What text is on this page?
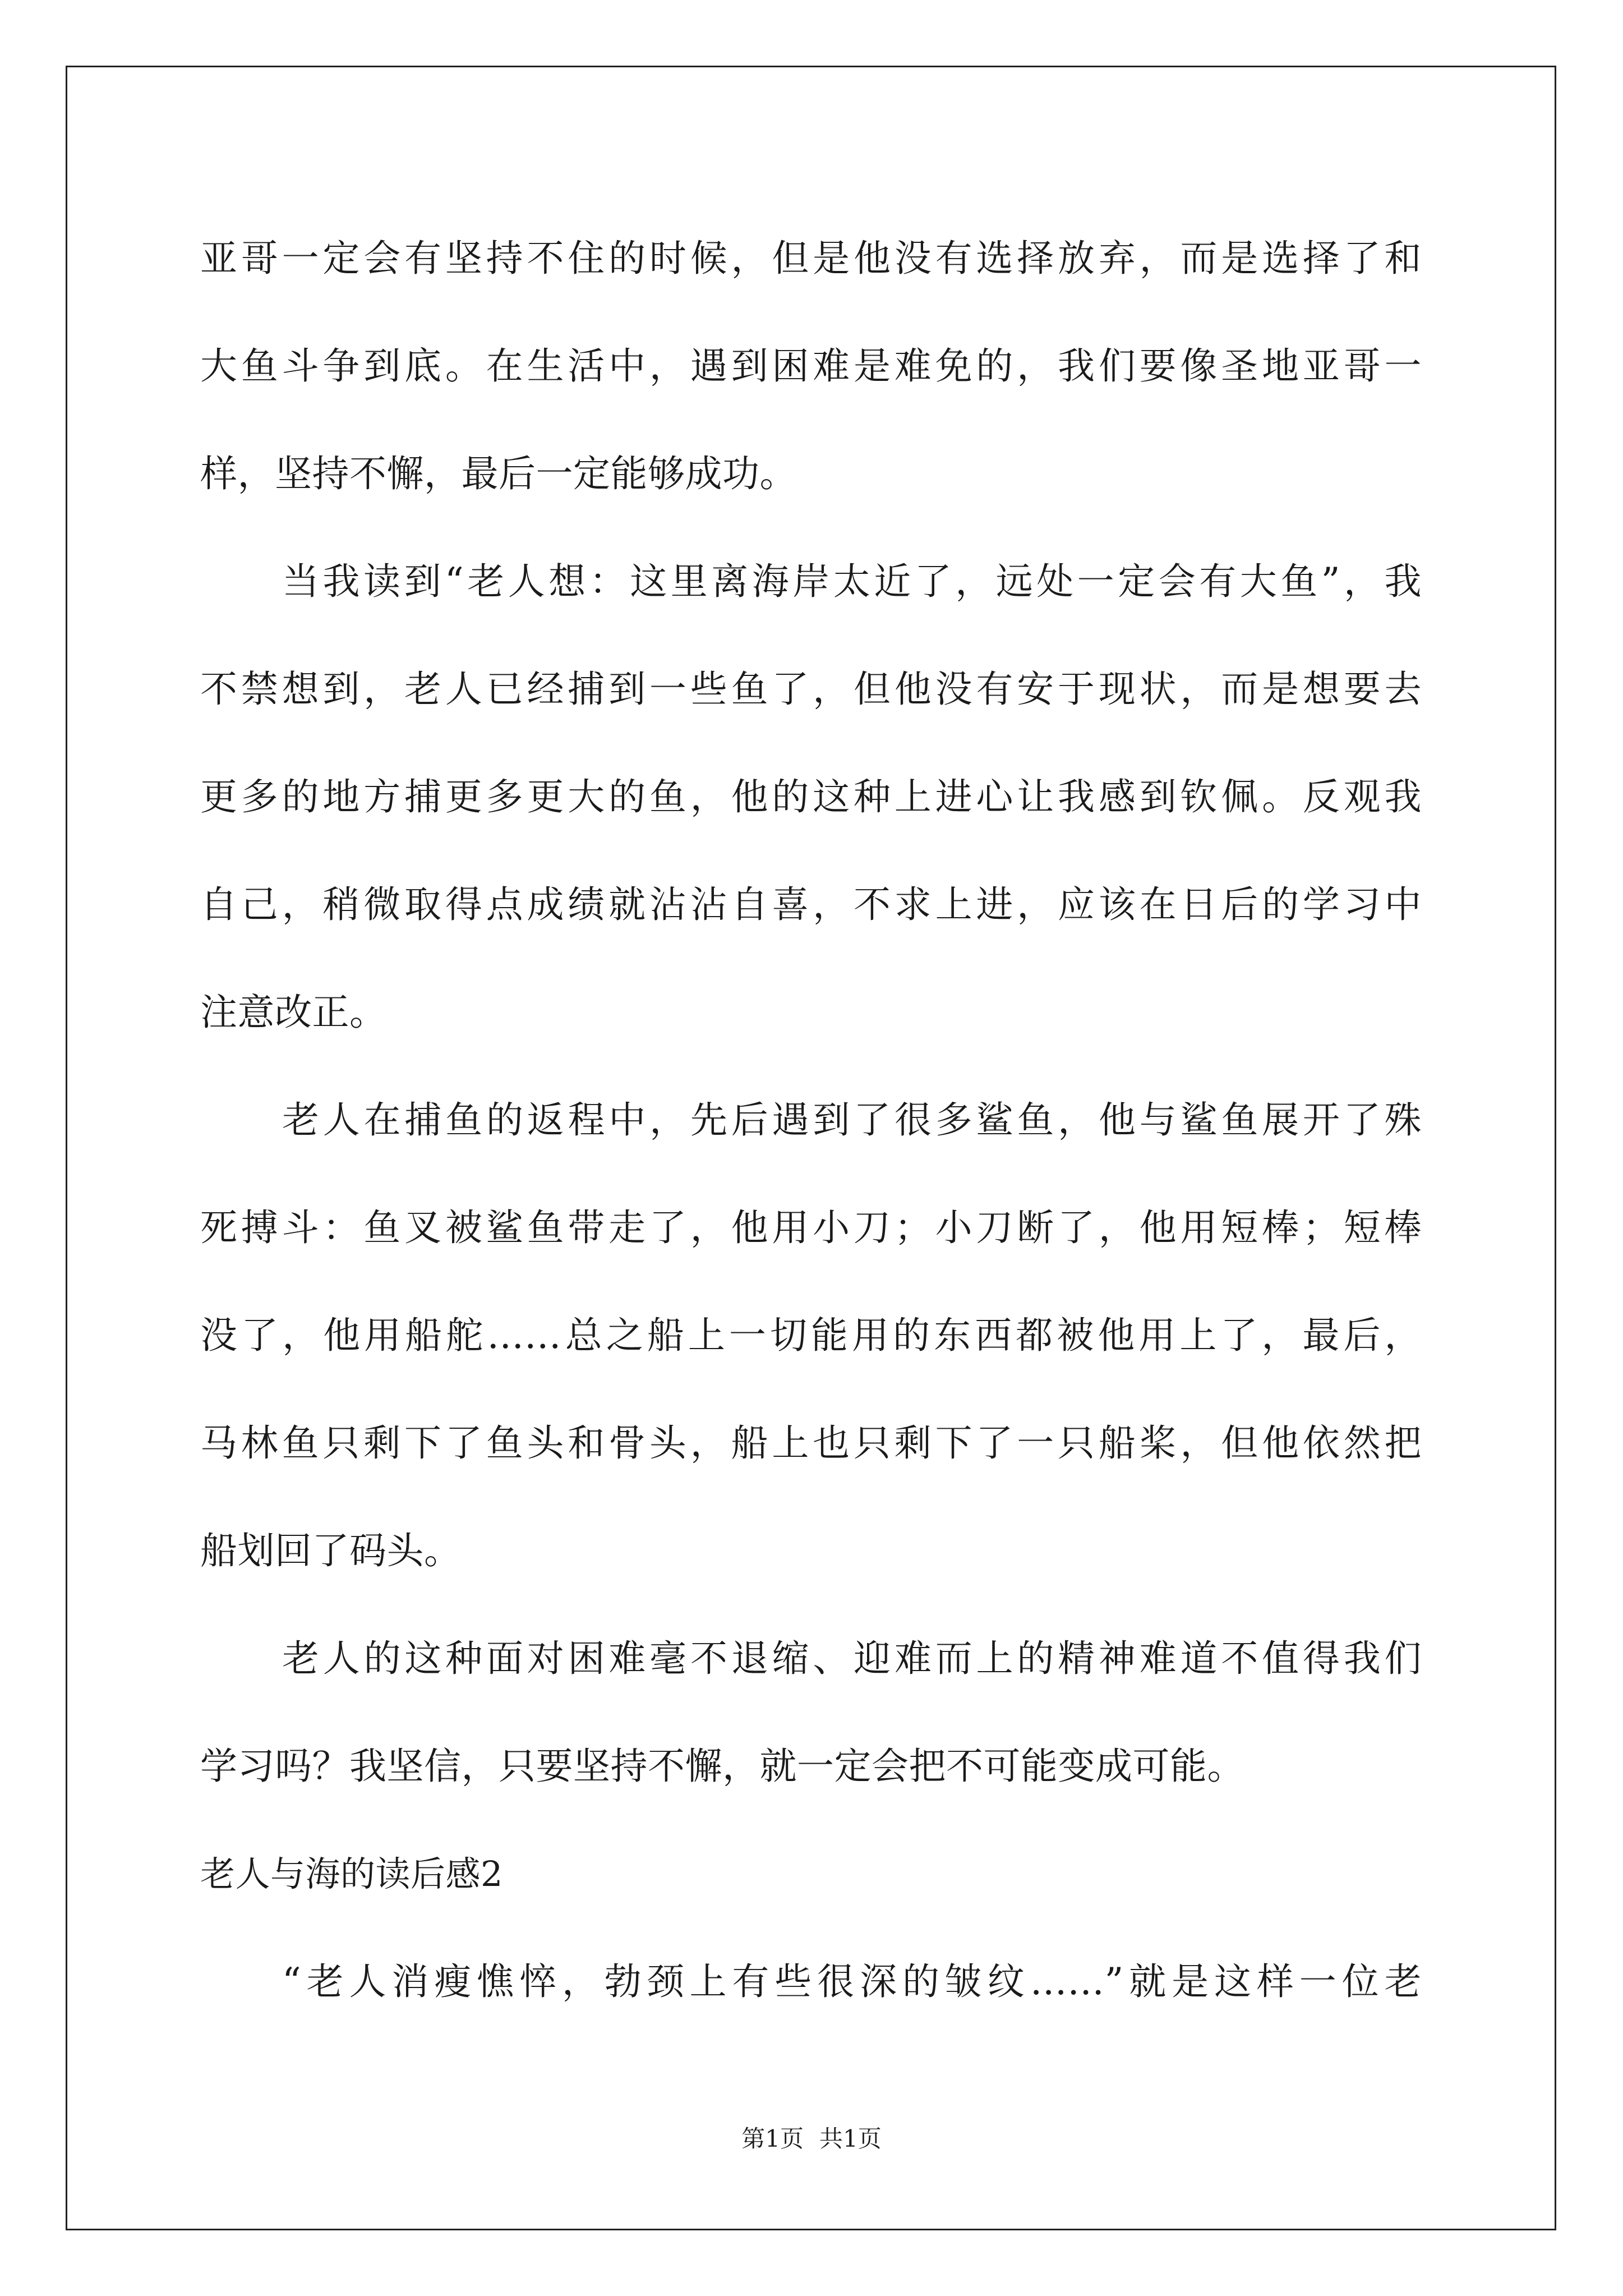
亚哥一定会有坚持不住的时候，但是他没有选择放弃，而是选择了和
大鱼斗争到底。在生活中，遇到困难是难免的，我们要像圣地亚哥一
样，坚持不懈，最后一定能够成功。
当我读到“老人想：这里离海岸太近了，远处一定会有大鱼”，我
不禁想到，老人已经捕到一些鱼了，但他没有安于现状，而是想要去
更多的地方捕更多更大的鱼，他的这种上进心让我感到钦佩。反观我
自己，稍微取得点成绩就沾沾自喜，不求上进，应该在日后的学习中
注意改正。
老人在捕鱼的返程中，先后遇到了很多鲨鱼，他与鲨鱼展开了殊
死搏斗：鱼叉被鲨鱼带走了，他用小刀；小刀断了，他用短棒；短棒
没了，他用船舵……总之船上一切能用的东西都被他用上了，最后，
马林鱼只剩下了鱼头和骨头，船上也只剩下了一只船桨，但他依然把
船划回了码头。
老人的这种面对困难毫不退缩、迎难而上的精神难道不值得我们
学习吗？我坚信，只要坚持不懈，就一定会把不可能变成可能。
老人与海的读后感2
“老人消瘦憔悴，勃颈上有些很深的皱纹……”就是这样一位老
第1页 共1页
